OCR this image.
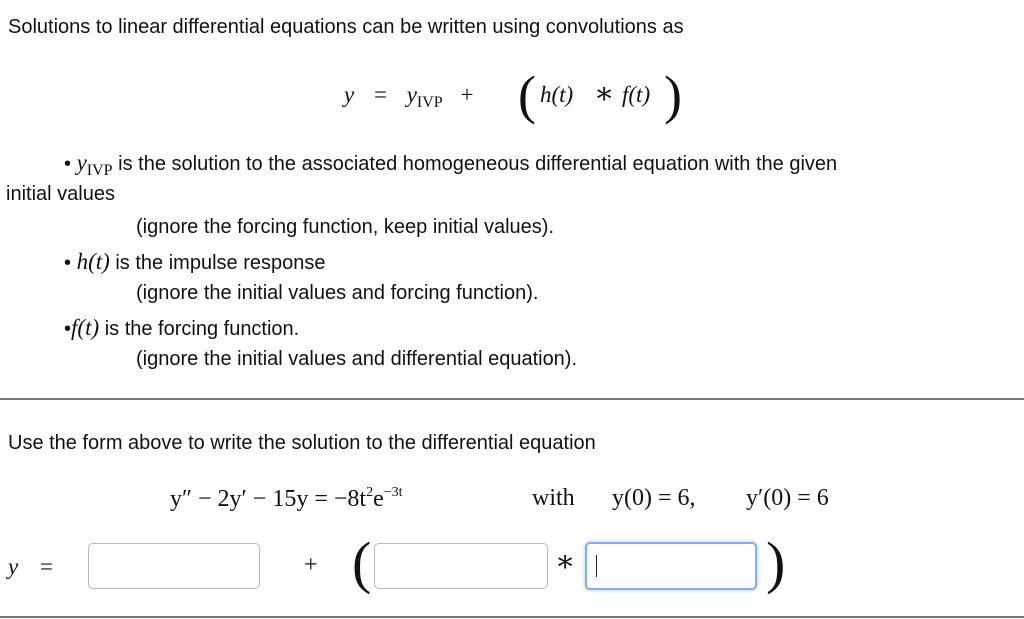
Solutions to linear differential equations can be written using convolutions as
$y = y_{IVP}$ + ( h(t) ∗ f(t) )
• $y_{IVP}$ is the solution to the associated homogeneous differential equation with the given
initial values
(ignore the forcing function, keep initial values).
• h(t) is the impulse response
(ignore the initial values and forcing function).
•f(t) is the forcing function.
(ignore the initial values and differential equation).
Use the form above to write the solution to the differential equation
$y'' - 2y' - 15y = -8t^2e^{-3t}$	with y(0) = 6, y′(0) = 6
y =	+ (	∗	)
